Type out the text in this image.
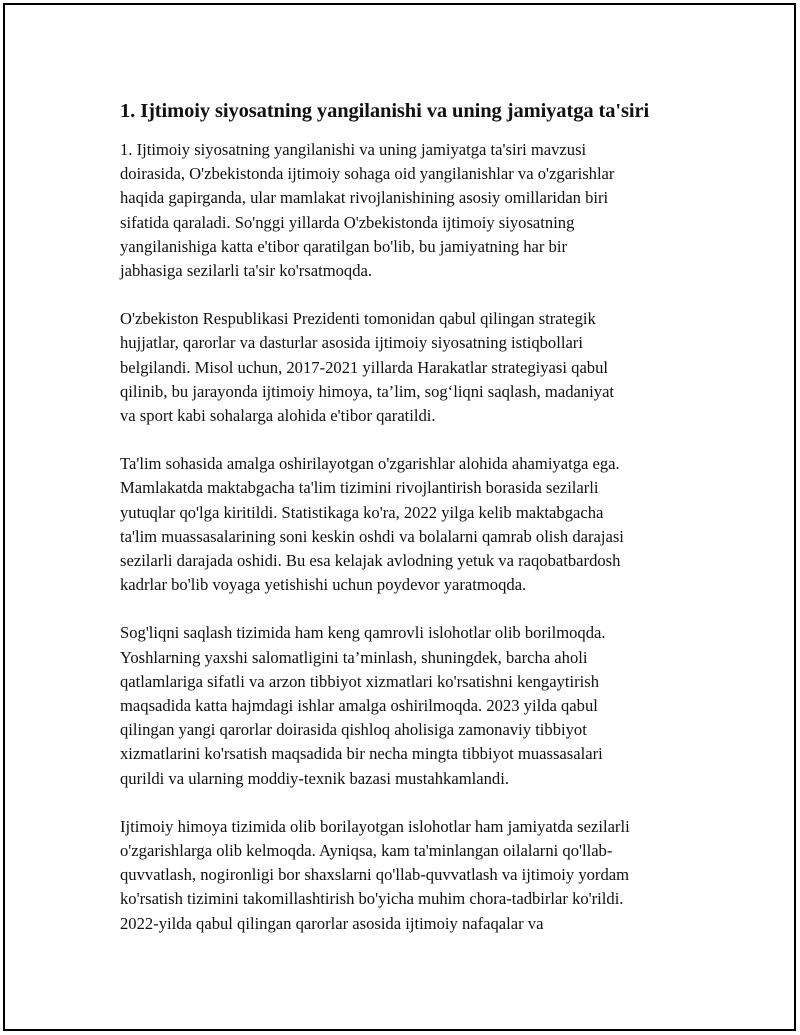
1. Ijtimoiy siyosatning yangilanishi va uning jamiyatga ta'siri

1. Ijtimoiy siyosatning yangilanishi va uning jamiyatga ta'siri mavzusi
doirasida, O'zbekistonda ijtimoiy sohaga oid yangilanishlar va o'zgarishlar
haqida gapirganda, ular mamlakat rivojlanishining asosiy omillaridan biri
sifatida qaraladi. So'nggi yillarda O'zbekistonda ijtimoiy siyosatning
yangilanishiga katta e'tibor qaratilgan bo'lib, bu jamiyatning har bir
jabhasiga sezilarli ta'sir ko'rsatmoqda.

O'zbekiston Respublikasi Prezidenti tomonidan qabul qilingan strategik
hujjatlar, qarorlar va dasturlar asosida ijtimoiy siyosatning istiqbollari
belgilandi. Misol uchun, 2017-2021 yillarda Harakatlar strategiyasi qabul
qilinib, bu jarayonda ijtimoiy himoya, ta’lim, sog‘liqni saqlash, madaniyat
va sport kabi sohalarga alohida e'tibor qaratildi.

Ta'lim sohasida amalga oshirilayotgan o'zgarishlar alohida ahamiyatga ega.
Mamlakatda maktabgacha ta'lim tizimini rivojlantirish borasida sezilarli
yutuqlar qo'lga kiritildi. Statistikaga ko'ra, 2022 yilga kelib maktabgacha
ta'lim muassasalarining soni keskin oshdi va bolalarni qamrab olish darajasi
sezilarli darajada oshidi. Bu esa kelajak avlodning yetuk va raqobatbardosh
kadrlar bo'lib voyaga yetishishi uchun poydevor yaratmoqda.

Sog'liqni saqlash tizimida ham keng qamrovli islohotlar olib borilmoqda.
Yoshlarning yaxshi salomatligini ta’minlash, shuningdek, barcha aholi
qatlamlariga sifatli va arzon tibbiyot xizmatlari ko'rsatishni kengaytirish
maqsadida katta hajmdagi ishlar amalga oshirilmoqda. 2023 yilda qabul
qilingan yangi qarorlar doirasida qishloq aholisiga zamonaviy tibbiyot
xizmatlarini ko'rsatish maqsadida bir necha mingta tibbiyot muassasalari
qurildi va ularning moddiy-texnik bazasi mustahkamlandi.

Ijtimoiy himoya tizimida olib borilayotgan islohotlar ham jamiyatda sezilarli
o'zgarishlarga olib kelmoqda. Ayniqsa, kam ta'minlangan oilalarni qo'llab-
quvvatlash, nogironligi bor shaxslarni qo'llab-quvvatlash va ijtimoiy yordam
ko'rsatish tizimini takomillashtirish bo'yicha muhim chora-tadbirlar ko'rildi.
2022-yilda qabul qilingan qarorlar asosida ijtimoiy nafaqalar va
